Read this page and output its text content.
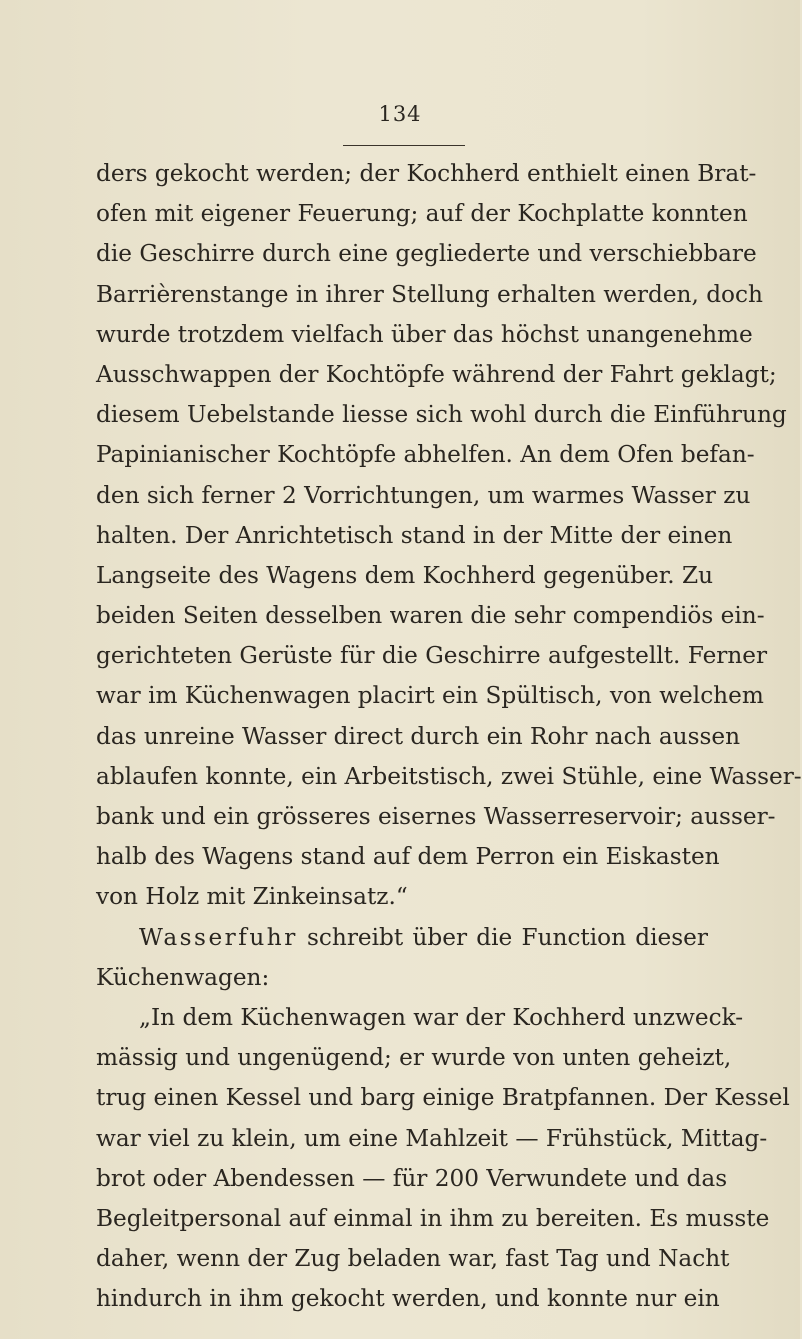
134
ders gekocht werden; der Kochherd enthielt einen Brat-
ofen mit eigener Feuerung; auf der Kochplatte konnten
die Geschirre durch eine gegliederte und verschiebbare
Barrièrenstange in ihrer Stellung erhalten werden, doch
wurde trotzdem vielfach über das höchst unangenehme
Ausschwappen der Kochtöpfe während der Fahrt geklagt;
diesem Uebelstande liesse sich wohl durch die Einführung
Papinianischer Kochtöpfe abhelfen. An dem Ofen befan-
den sich ferner 2 Vorrichtungen, um warmes Wasser zu
halten. Der Anrichtetisch stand in der Mitte der einen
Langseite des Wagens dem Kochherd gegenüber. Zu
beiden Seiten desselben waren die sehr compendiös ein-
gerichteten Gerüste für die Geschirre aufgestellt. Ferner
war im Küchenwagen placirt ein Spültisch, von welchem
das unreine Wasser direct durch ein Rohr nach aussen
ablaufen konnte, ein Arbeitstisch, zwei Stühle, eine Wasser-
bank und ein grösseres eisernes Wasserreservoir; ausser-
halb des Wagens stand auf dem Perron ein Eiskasten
von Holz mit Zinkeinsatz.“
Wasserfuhr schreibt über die Function dieser
Küchenwagen:
„In dem Küchenwagen war der Kochherd unzweck-
mässig und ungenügend; er wurde von unten geheizt,
trug einen Kessel und barg einige Bratpfannen. Der Kessel
war viel zu klein, um eine Mahlzeit — Frühstück, Mittag-
brot oder Abendessen — für 200 Verwundete und das
Begleitpersonal auf einmal in ihm zu bereiten. Es musste
daher, wenn der Zug beladen war, fast Tag und Nacht
hindurch in ihm gekocht werden, und konnte nur ein
